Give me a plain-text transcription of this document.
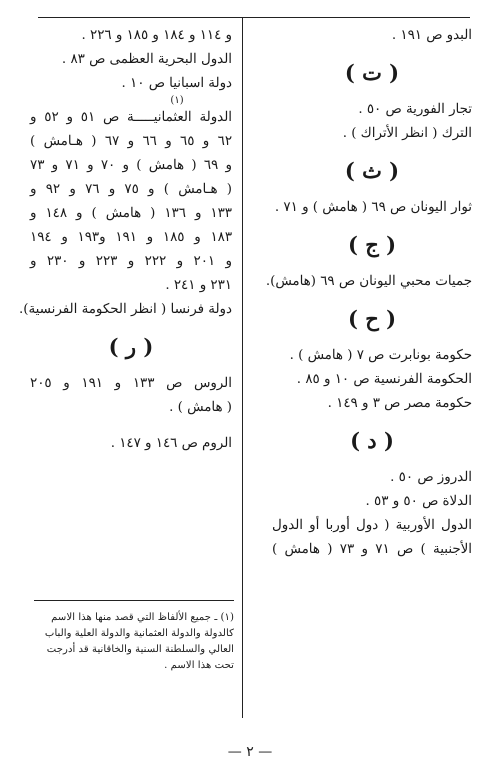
البدو ص ١٩١ .
( ت )
تجار الفورية ص ٥٠ .
الترك ( انظر الأتراك ) .
( ث )
ثوار اليونان ص ٦٩ ( هامش ) و ٧١ .
( ج )
جميات محبي اليونان ص ٦٩ (هامش).
( ح )
حكومة بونابرت ص ٧ ( هامش ) .
الحكومة الفرنسية ص ١٠ و ٨٥ .
حكومة مصر ص ٣ و ١٤٩ .
( د )
الدروز ص ٥٠ .
الدلاة ص ٥٠ و ٥٣ .
الدول الأوربية ( دول أوربا أو الدول
الأجنبية ) ص ٧١ و ٧٣ ( هامش )
و ١١٤ و ١٨٤ و ١٨٥ و ٢٢٦ .
الدول البحرية العظمى ص ٨٣ .
دولة اسبانيا ص ١٠ .
(١)
الدولة العثمانيـــــة ص ٥١ و ٥٢ و
٦٢ و ٦٥ و ٦٦ و ٦٧ ( هـامش )
و ٦٩ ( هامش ) و ٧٠ و ٧١ و ٧٣
( هـامش ) و ٧٥ و ٧٦ و ٩٢ و
١٣٣ و ١٣٦ ( هامش ) و ١٤٨ و
١٨٣ و ١٨٥ و ١٩١ و١٩٣ و ١٩٤
و ٢٠١ و ٢٢٢ و ٢٢٣ و ٢٣٠ و
٢٣١ و ٢٤١ .
دولة فرنسا ( انظر الحكومة الفرنسية).
( ر )
الروس ص ١٣٣ و ١٩١ و ٢٠٥
( هامش ) .
الروم ص ١٤٦ و ١٤٧ .
(١) ـ جميع الألفاظ التي قصد منها هذا الاسم
كالدولة والدولة العثمانية والدولة العلية والباب
العالي والسلطنة السنية والخاقانية قد أدرجت
تحت هذا الاسم .
— ٢ —
